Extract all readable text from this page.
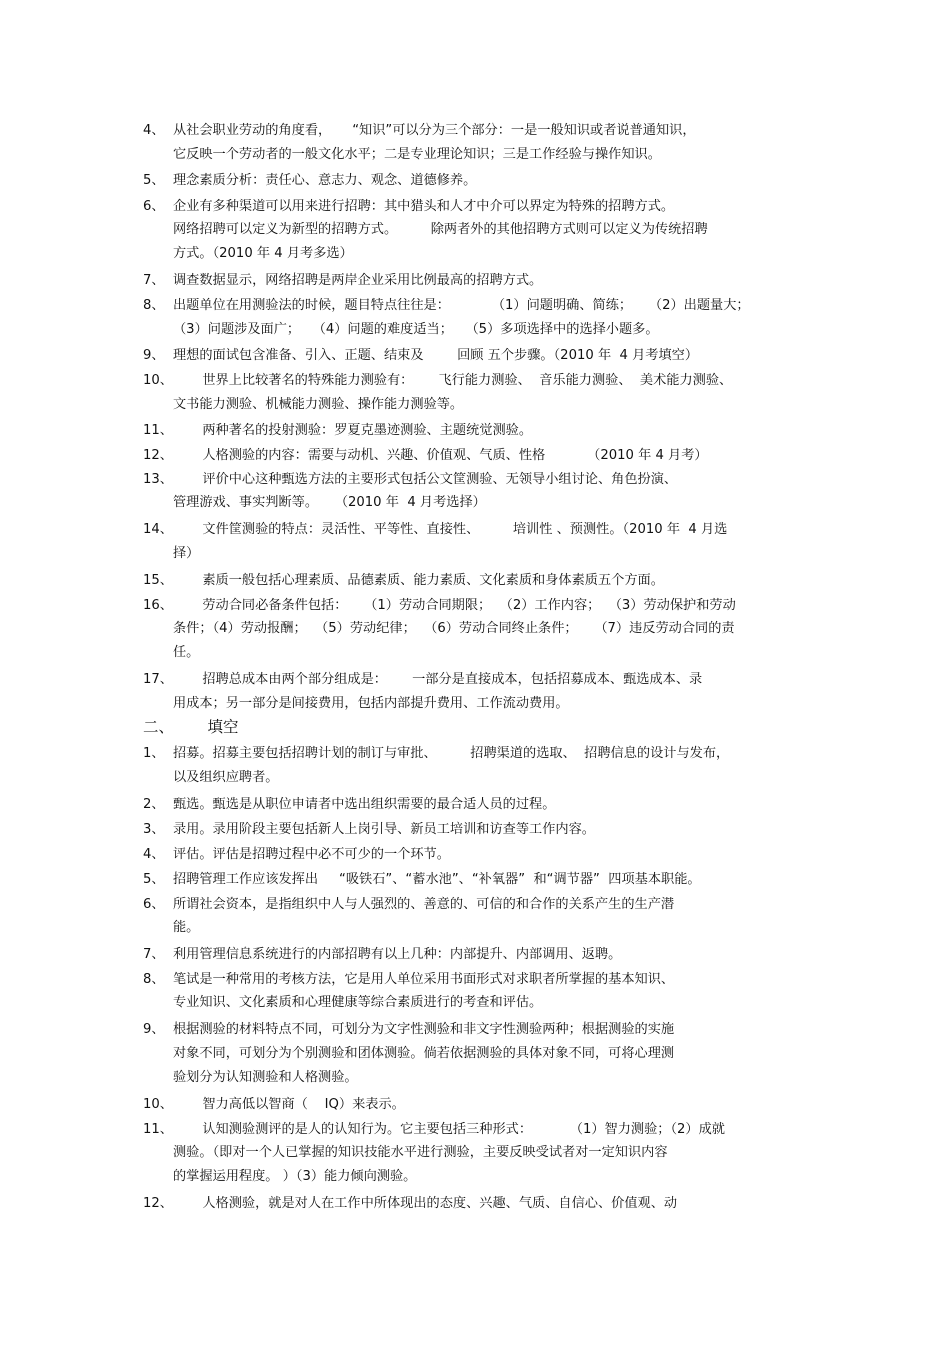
4、 从社会职业劳动的角度看，     “知识”可以分为三个部分：一是一般知识或者说普通知识，
它反映一个劳动者的一般文化水平；二是专业理论知识；三是工作经验与操作知识。
5、 理念素质分析：责任心、意志力、观念、道德修养。
6、 企业有多种渠道可以用来进行招聘：其中猎头和人才中介可以界定为特殊的招聘方式。
网络招聘可以定义为新型的招聘方式。        除两者外的其他招聘方式则可以定义为传统招聘
方式。（2010 年 4 月考多选）
7、 调查数据显示，网络招聘是两岸企业采用比例最高的招聘方式。
8、 出题单位在用测验法的时候，题目特点往往是：          （1）问题明确、简练；    （2）出题量大；
（3）问题涉及面广；   （4）问题的难度适当；   （5）多项选择中的选择小题多。
9、 理想的面试包含准备、引入、正题、结束及        回顾 五个步骤。（2010 年  4 月考填空）
10、 世界上比较著名的特殊能力测验有：      飞行能力测验、  音乐能力测验、  美术能力测验、
文书能力测验、机械能力测验、操作能力测验等。
11、 两种著名的投射测验：罗夏克墨迹测验、主题统觉测验。
12、 人格测验的内容：需要与动机、兴趣、价值观、气质、性格          （2010 年 4 月考）
13、 评价中心这种甄选方法的主要形式包括公文筐测验、无领导小组讨论、角色扮演、
管理游戏、事实判断等。    （2010 年  4 月考选择）
14、 文件筐测验的特点：灵活性、平等性、直接性、        培训性 、预测性。（2010 年  4 月选
择）
15、 素质一般包括心理素质、品德素质、能力素质、文化素质和身体素质五个方面。
16、 劳动合同必备条件包括：    （1）劳动合同期限；  （2）工作内容；  （3）劳动保护和劳动
条件；（4）劳动报酬；  （5）劳动纪律；  （6）劳动合同终止条件；    （7）违反劳动合同的责
任。
17、 招聘总成本由两个部分组成是：      一部分是直接成本，包括招募成本、甄选成本、录
用成本；另一部分是间接费用，包括内部提升费用、工作流动费用。
二、
填空
1、 招募。招募主要包括招聘计划的制订与审批、        招聘渠道的选取、  招聘信息的设计与发布，
以及组织应聘者。
2、 甄选。甄选是从职位申请者中选出组织需要的最合适人员的过程。
3、 录用。录用阶段主要包括新人上岗引导、新员工培训和访查等工作内容。
4、 评估。评估是招聘过程中必不可少的一个环节。
5、 招聘管理工作应该发挥出     “吸铁石”、“蓄水池”、“补氧器”  和“调节器”  四项基本职能。
6、 所谓社会资本，是指组织中人与人强烈的、善意的、可信的和合作的关系产生的生产潜
能。
7、 利用管理信息系统进行的内部招聘有以上几种：内部提升、内部调用、返聘。
8、 笔试是一种常用的考核方法，它是用人单位采用书面形式对求职者所掌握的基本知识、
专业知识、文化素质和心理健康等综合素质进行的考查和评估。
9、 根据测验的材料特点不同，可划分为文字性测验和非文字性测验两种；根据测验的实施
对象不同，可划分为个别测验和团体测验。倘若依据测验的具体对象不同，可将心理测
验划分为认知测验和人格测验。
10、 智力高低以智商（    IQ）来表示。
11、 认知测验测评的是人的认知行为。它主要包括三种形式：         （1）智力测验；（2）成就
测验。（即对一个人已掌握的知识技能水平进行测验，主要反映受试者对一定知识内容
的掌握运用程度。 ）（3）能力倾向测验。
12、 人格测验，就是对人在工作中所体现出的态度、兴趣、气质、自信心、价值观、动
